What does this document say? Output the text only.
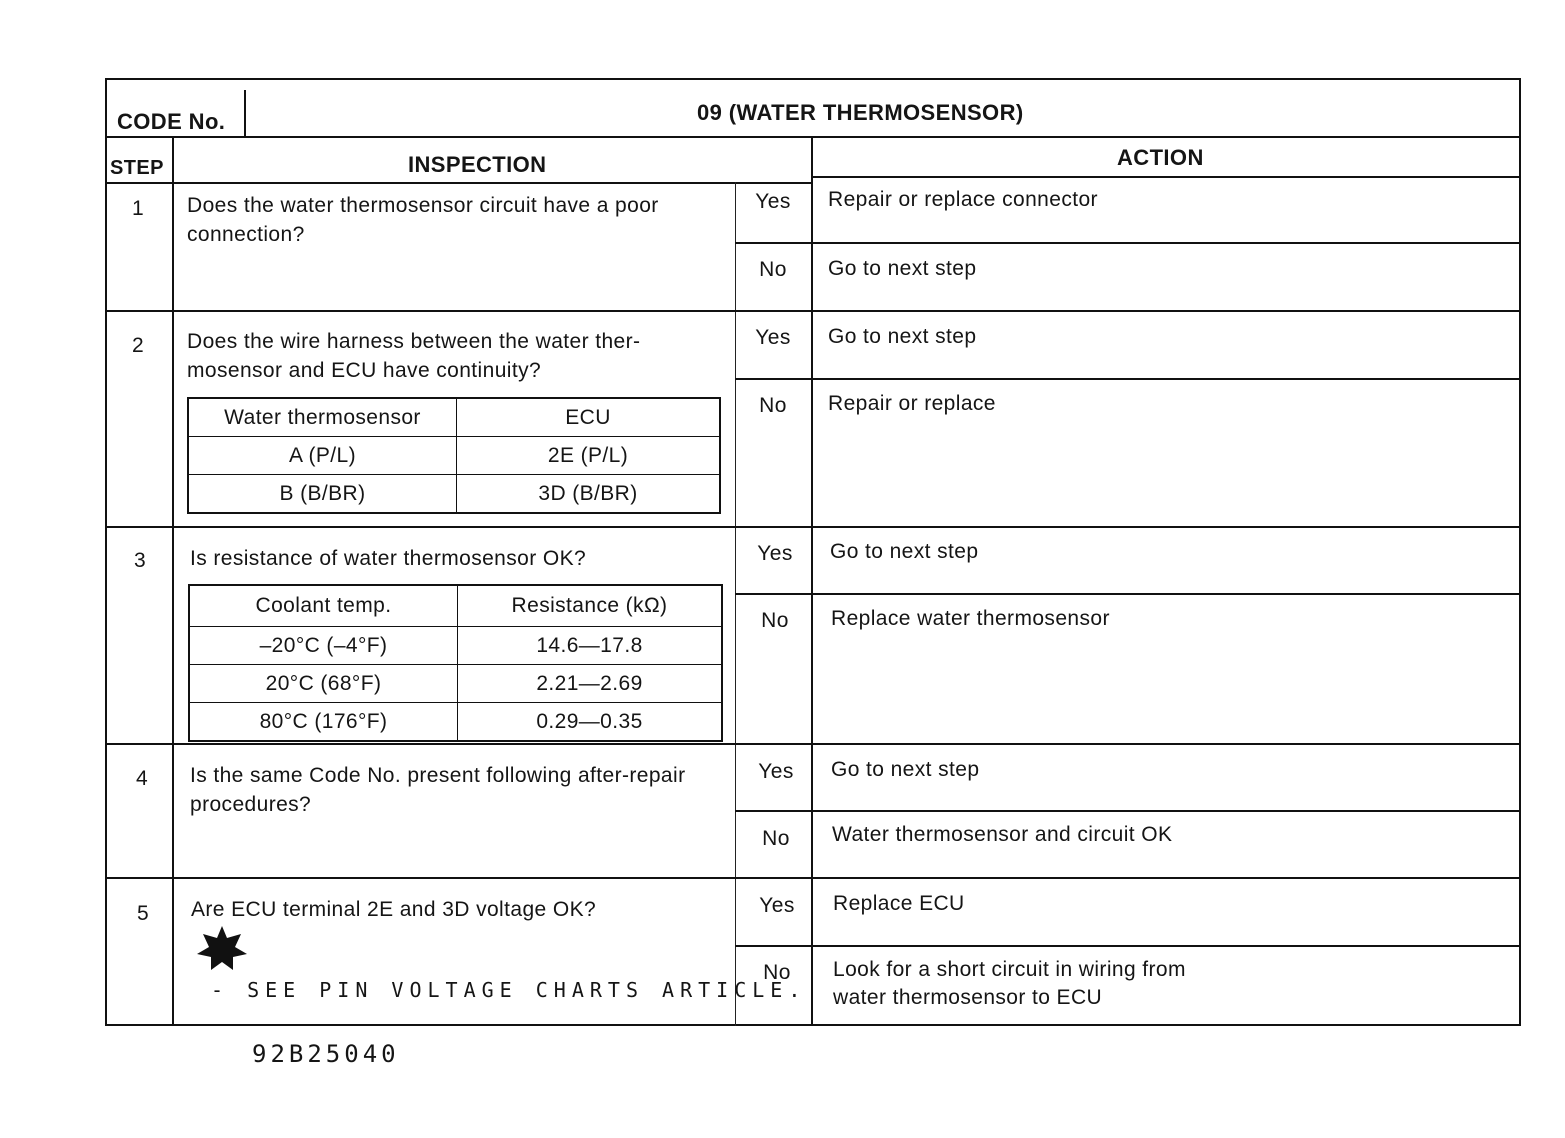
CODE No.	09 (WATER THERMOSENSOR)
STEP	INSPECTION	ACTION
1	Does the water thermosensor circuit have a poor connection?
Yes	Repair or replace connector
No	Go to next step
2	Does the wire harness between the water ther-mosensor and ECU have continuity?
Water thermosensor	ECU
A (P/L)	2E (P/L)
B (B/BR)	3D (B/BR)
Yes	Go to next step
No	Repair or replace
3	Is resistance of water thermosensor OK?
Coolant temp.	Resistance (kΩ)
–20°C (–4°F)	14.6—17.8
20°C (68°F)	2.21—2.69
80°C (176°F)	0.29—0.35
Yes	Go to next step
No	Replace water thermosensor
4	Is the same Code No. present following after-repair procedures?
Yes	Go to next step
No	Water thermosensor and circuit OK
5	Are ECU terminal 2E and 3D voltage OK?
- SEE PIN VOLTAGE CHARTS ARTICLE.
Yes	Replace ECU
No	Look for a short circuit in wiring from
water thermosensor to ECU
92B25040
